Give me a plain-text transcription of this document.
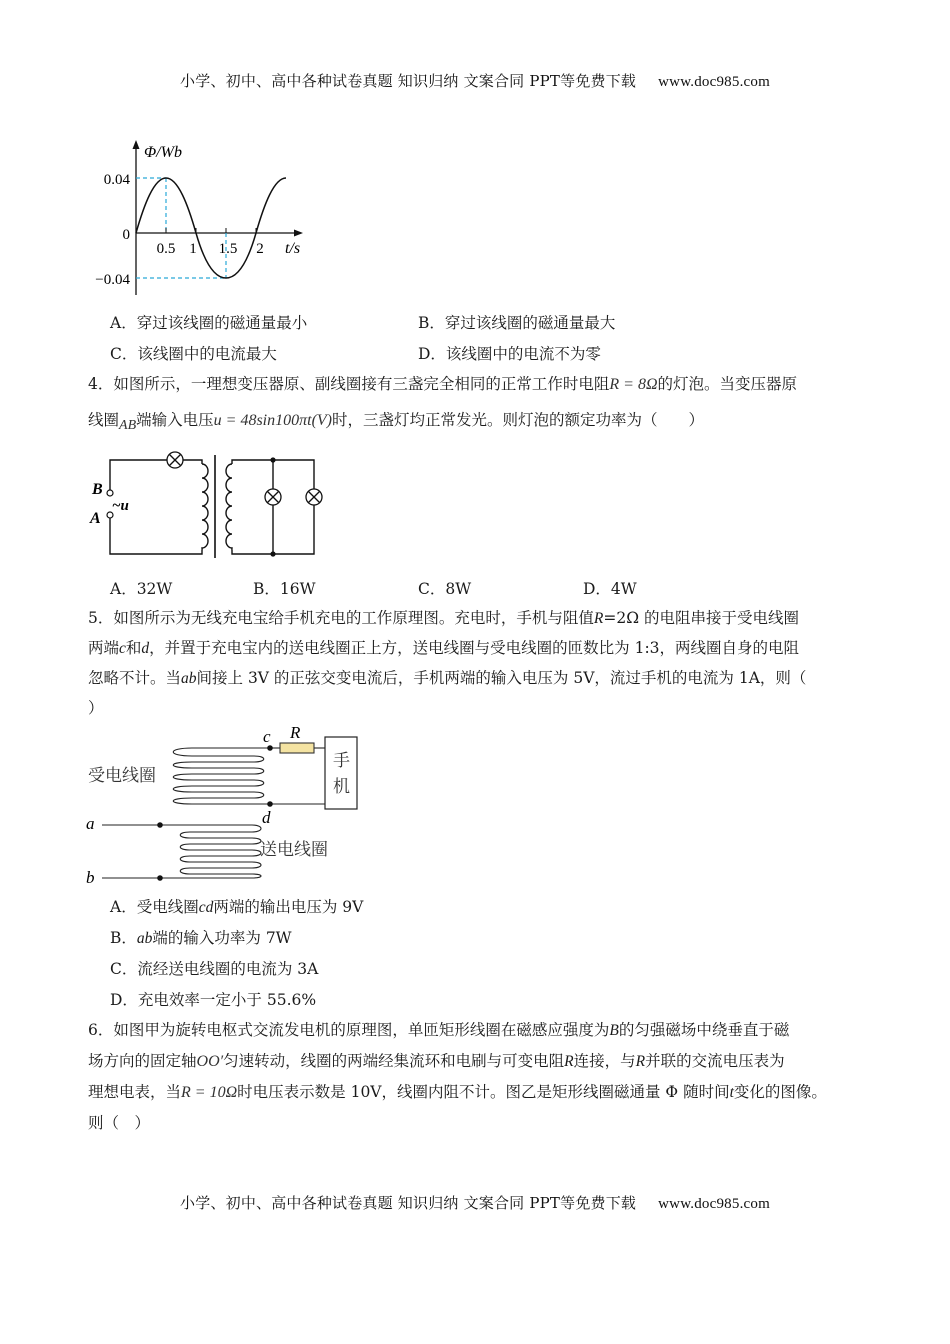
小学、初中、高中各种试卷真题 知识归纳 文案合同 PPT等免费下载 www.doc985.com
Φ/Wb
0.04
0
−0.04
0.5 1 1.5 2 t/s
A．穿过该线圈的磁通量最小	B．穿过该线圈的磁通量最大
C．该线圈中的电流最大	D．该线圈中的电流不为零
4．如图所示，一理想变压器原、副线圈接有三盏完全相同的正常工作时电阻R = 8Ω的灯泡。当变压器原
线圈AB端输入电压u = 48sin100πt(V)时，三盏灯均正常发光。则灯泡的额定功率为（　　）
B
A
~u
A．32W	B．16W	C．8W	D．4W
5．如图所示为无线充电宝给手机充电的工作原理图。充电时，手机与阻值R=2Ω 的电阻串接于受电线圈
两端c和d，并置于充电宝内的送电线圈正上方，送电线圈与受电线圈的匝数比为 1:3，两线圈自身的电阻
忽略不计。当ab间接上 3V 的正弦交变电流后，手机两端的输入电压为 5V，流过手机的电流为 1A，则（
）
c R
d
a
b
受电线圈
送电线圈
手
机
A．受电线圈cd两端的输出电压为 9V
B．ab端的输入功率为 7W
C．流经送电线圈的电流为 3A
D．充电效率一定小于 55.6%
6．如图甲为旋转电枢式交流发电机的原理图，单匝矩形线圈在磁感应强度为B的匀强磁场中绕垂直于磁
场方向的固定轴OO′匀速转动，线圈的两端经集流环和电刷与可变电阻R连接，与R并联的交流电压表为
理想电表，当R = 10Ω时电压表示数是 10V，线圈内阻不计。图乙是矩形线圈磁通量 Φ 随时间t变化的图像。
则（　）
小学、初中、高中各种试卷真题 知识归纳 文案合同 PPT等免费下载 www.doc985.com
